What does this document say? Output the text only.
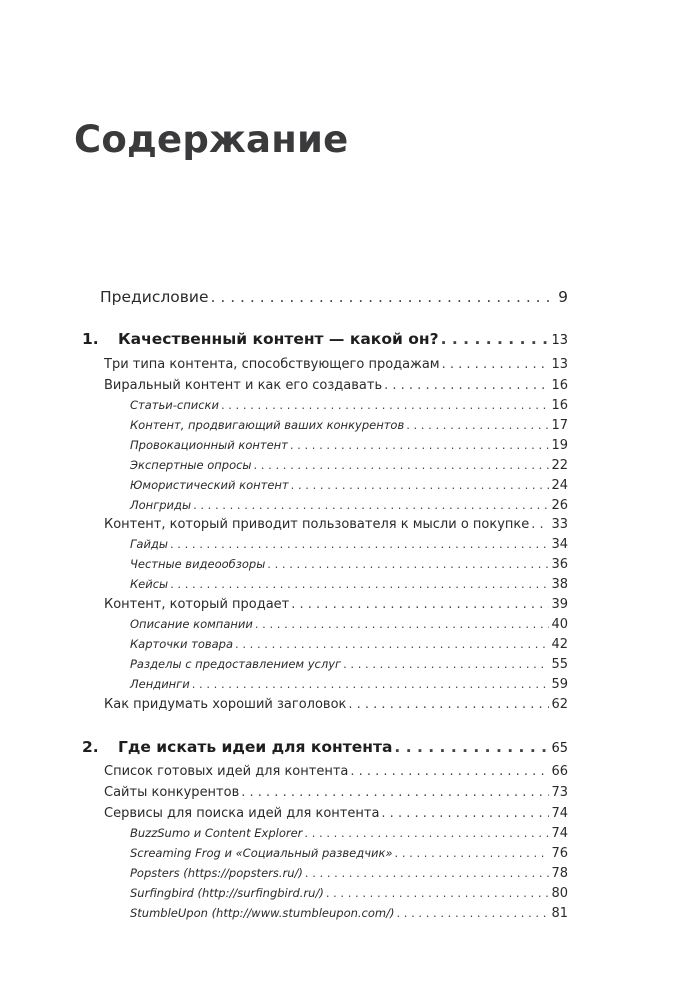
Содержание
Предисловие . . .	9
1.	Качественный контент — какой он? . . .	13
Три типа контента, способствующего продажам . . .	13
Виральный контент и как его создавать . . .	16
Статьи-списки . . .	16
Контент, продвигающий ваших конкурентов . . .	17
Провокационный контент . . .	19
Экспертные опросы . . .	22
Юмористический контент . . .	24
Лонгриды . . .	26
Контент, который приводит пользователя к мысли о покупке . . . 33
Гайды . . .	34
Честные видеообзоры . . .	36
Кейсы . . .	38
Контент, который продает . . .	39
Описание компании . . .	40
Карточки товара . . .	42
Разделы с предоставлением услуг . . .	55
Лендинги . . .	59
Как придумать хороший заголовок . . .	62
2.	Где искать идеи для контента . . .	65
Список готовых идей для контента . . .	66
Сайты конкурентов . . .	73
Сервисы для поиска идей для контента . . .	74
BuzzSumo и Content Explorer . . .	74
Screaming Frog и «Социальный разведчик» . . .	76
Popsters (https://popsters.ru/) . . .	78
Surfingbird (http://surfingbird.ru/) . . .	80
StumbleUpon (http://www.stumbleupon.com/) . . .	81
